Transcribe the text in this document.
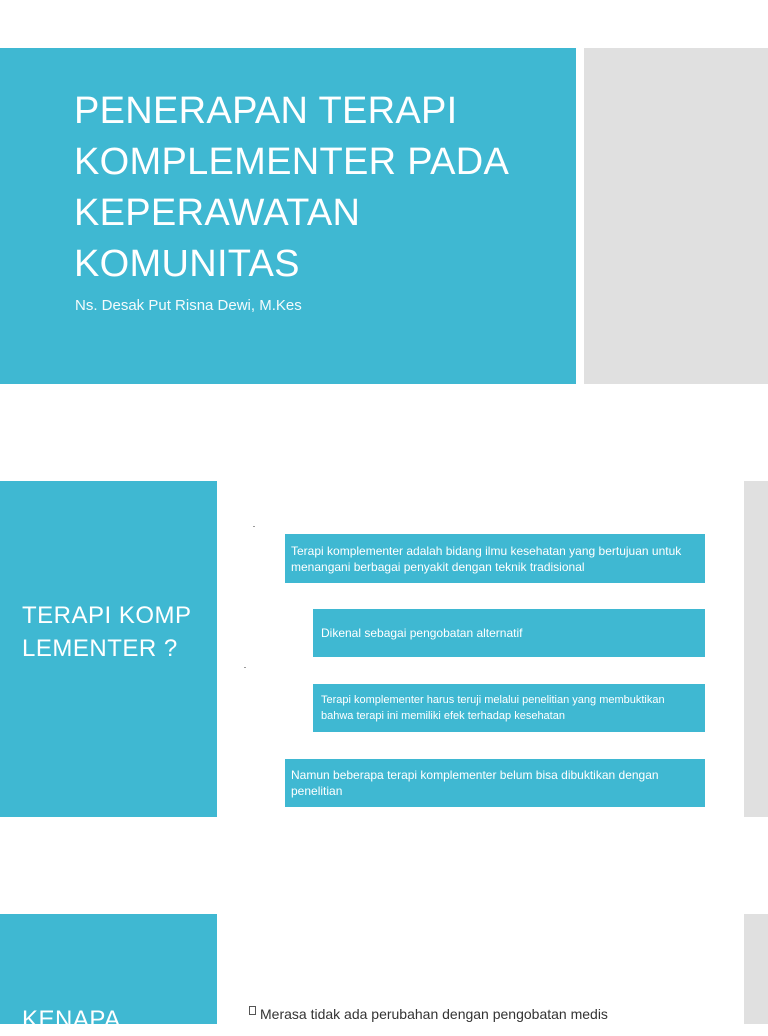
PENERAPAN TERAPI KOMPLEMENTER PADA KEPERAWATAN KOMUNITAS
Ns. Desak Put Risna Dewi, M.Kes
TERAPI KOMPLEMENTER ?
Terapi komplementer adalah bidang ilmu kesehatan yang bertujuan untuk menangani berbagai penyakit dengan teknik tradisional
Dikenal sebagai pengobatan alternatif
Terapi komplementer harus teruji melalui penelitian yang membuktikan bahwa terapi ini memiliki efek terhadap kesehatan
Namun beberapa terapi komplementer belum bisa dibuktikan dengan penelitian
KENAPA	Merasa tidak ada perubahan dengan pengobatan medis
